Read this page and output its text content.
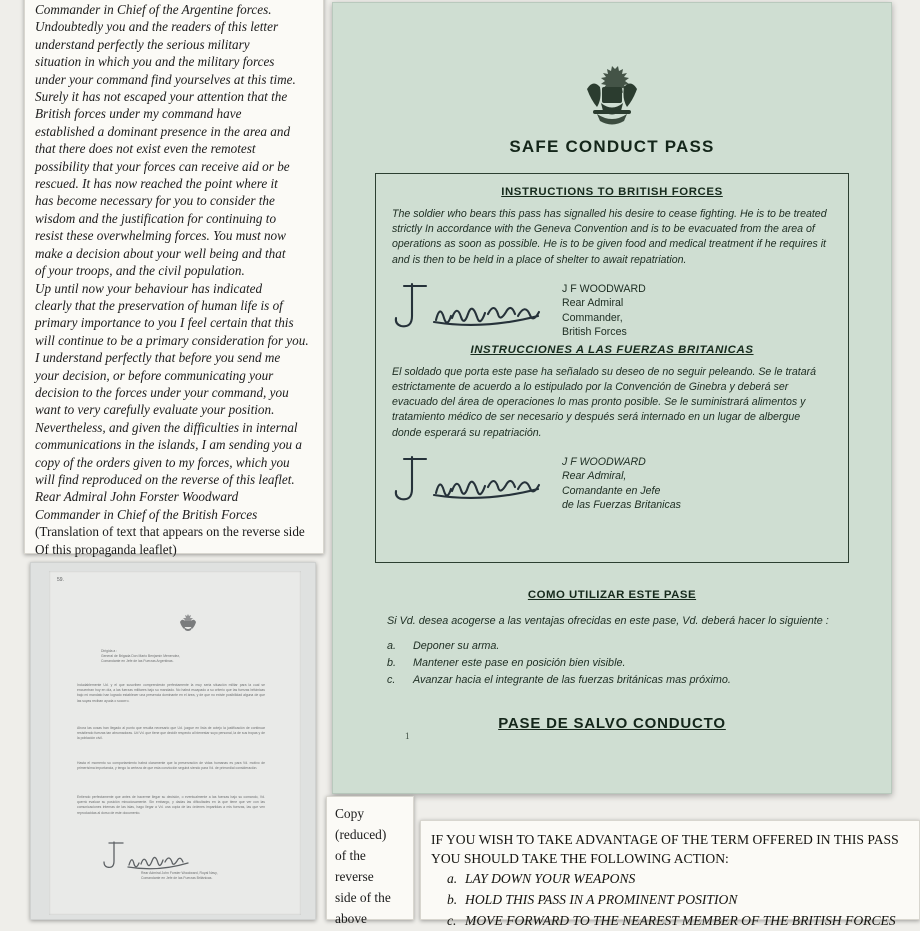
Commander in Chief of the Argentine forces.
Undoubtedly you and the readers of this letter
understand perfectly the serious military
situation in which you and the military forces
under your command find yourselves at this time.
Surely it has not escaped your attention that the
British forces under my command have
established a dominant presence in the area and
that there does not exist even the remotest
possibility that your forces can receive aid or be
rescued. It has now reached the point where it
has become necessary for you to consider the
wisdom and the justification for continuing to
resist these overwhelming forces. You must now
make a decision about your well being and that
of your troops, and the civil population.
Up until now your behaviour has indicated
clearly that the preservation of human life is of
primary importance to you I feel certain that this
will continue to be a primary consideration for you.
I understand perfectly that before you send me
your decision, or before communicating your
decision to the forces under your command, you
want to very carefully evaluate your position.
Nevertheless, and given the difficulties in internal
communications in the islands, I am sending you a
copy of the orders given to my forces, which you
will find reproduced on the reverse of this leaflet.
Rear Admiral John Forster Woodward
Commander in Chief of the British Forces
(Translation of text that appears on the reverse side
Of this propaganda leaflet)
SAFE CONDUCT PASS
INSTRUCTIONS TO BRITISH FORCES
The soldier who bears this pass has signalled his desire to cease fighting. He is to be treated strictly In accordance with the Geneva Convention and is to be evacuated from the area of operations as soon as possible. He is to be given food and medical treatment if he requires it and is then to be held in a place of shelter to await repatriation.
J F WOODWARD
Rear Admiral
Commander,
British Forces
INSTRUCCIONES A LAS FUERZAS BRITANICAS
El soldado que porta este pase ha señalado su deseo de no seguir peleando. Se le tratará estrictamente de acuerdo a lo estipulado por la Convención de Ginebra y deberá ser evacuado del área de operaciones lo mas pronto posible. Se le suministrará alimentos y tratamiento médico de ser necesario y después será internado en un lugar de albergue donde esperará su repatriación.
J F WOODWARD
Rear Admiral,
Comandante en Jefe
de las Fuerzas Britanicas
COMO UTILIZAR ESTE PASE
Si Vd. desea acogerse a las ventajas ofrecidas en este pase, Vd. deberá hacer lo siguiente :
a.	Deponer su arma.
b.	Mantener este pase en posición bien visible.
c.	Avanzar hacia el integrante de las fuerzas británicas mas próximo.
PASE DE SALVO CONDUCTO
1
59.
Dirigida a :
General de Brigada Don Mario Benjamín Menendez,
Comandante en Jefe de las Fuerzas Argentinas.
Indudablemente Ud. y el que suscriben comprenderán perfectamente la muy seria situación militar para la cual se encuentran hoy en día, a las fuerzas militares bajo su mandado. No habrá escapado a su criterio que las fuerzas británicas bajo mi mandato han logrado establecer una presencia dominante en el área, y de que no existe posibilidad alguna de que las suyas reciban ayuda o socorro.
Ahora las cosas han llegado al punto que resulta necesario que Ud. juzgue en lista de cotejo la justificación de continuar resistiendo fuerzas tan abrumadoras. Ud Vd. que tiene que decidir respecto al bienestar suyo personal, la de sus tropas y de la población civil.
Hasta el momento su comportamiento habrá claramente que la preservación de vidas humanas es para Vd. motivo de primerísima importancia, y tengo la certeza de que esta convicción seguirá siendo para Vd. de primordial consideración.
Entiendo perfectamente que antes de hacerme llegar su decisión, o eventualmente a las fuerzas bajo su comando, Vd. querrá evaluar su posición minuciosamente. Sin embargo, y dadas las dificultades en la que tiene que ver con las comunicaciones internas de las islas, hago llegar a Vd. una copia de las órdenes impartidas a mis fuerzas, las que ven reproducidas al dorso de este documento.
Rear Admiral John Forster Woodward, Royal Navy,
Comandante en Jefe de las Fuerzas Británicas.
Copy
(reduced)
of the
reverse
side of the
above
IF YOU WISH TO TAKE ADVANTAGE OF THE TERM OFFERED IN THIS PASS
YOU SHOULD TAKE THE FOLLOWING ACTION:
a. LAY DOWN YOUR WEAPONS
b. HOLD THIS PASS IN A PROMINENT POSITION
c. MOVE FORWARD TO THE NEAREST MEMBER OF THE BRITISH FORCES
